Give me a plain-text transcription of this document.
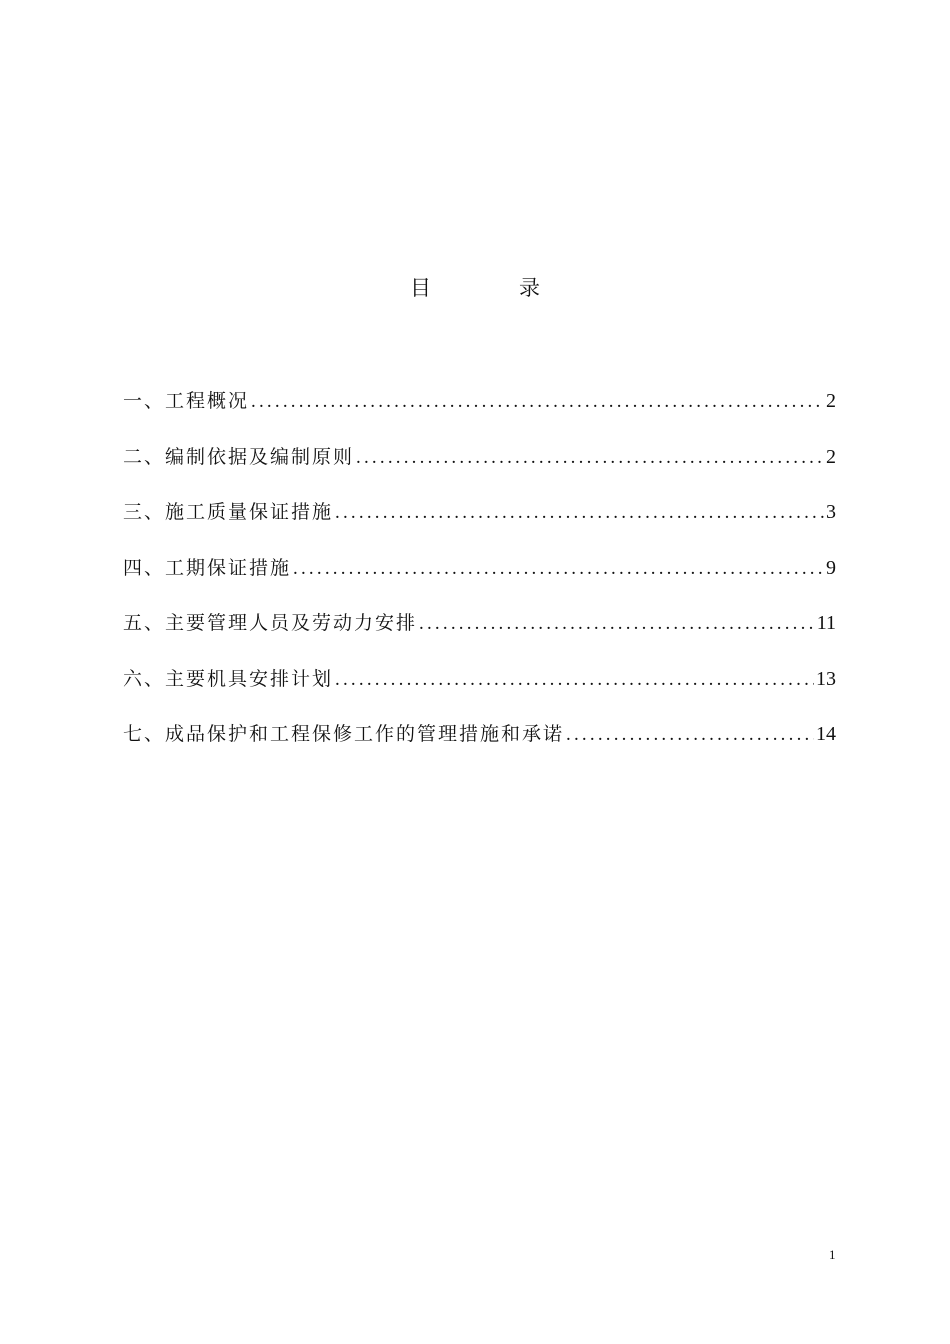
目	录
一、工程概况 .....	2
二、编制依据及编制原则 .....	2
三、施工质量保证措施 .....	3
四、工期保证措施 .....	9
五、主要管理人员及劳动力安排 .....	11
六、主要机具安排计划 .....	13
七、成品保护和工程保修工作的管理措施和承诺 .....	14
1
